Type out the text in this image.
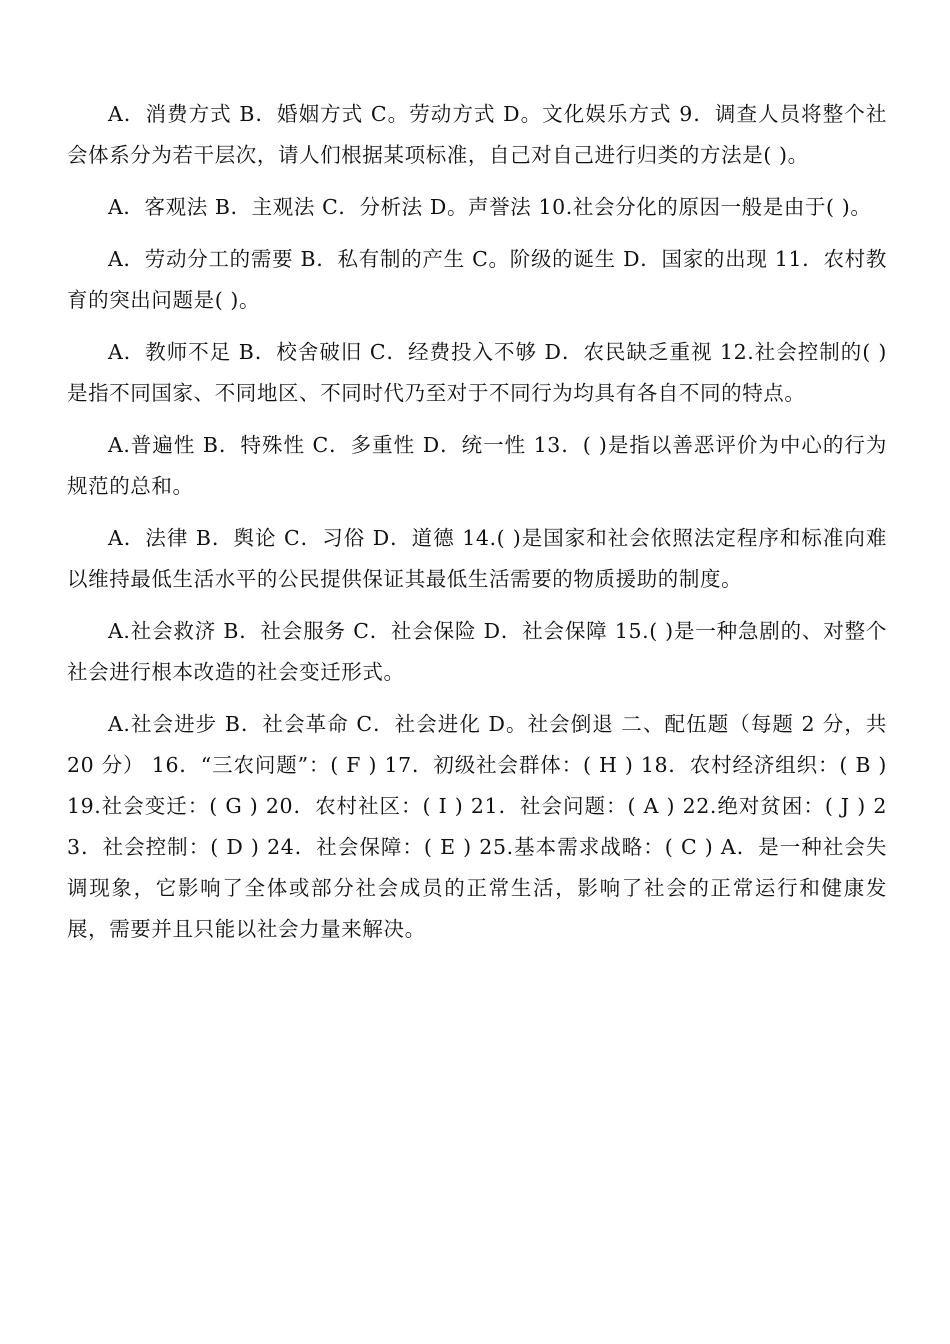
A．消费方式 B．婚姻方式 C。劳动方式 D。文化娱乐方式 9．调查人员将整个社会体系分为若干层次，请人们根据某项标准，自己对自己进行归类的方法是( )。

A．客观法 B．主观法 C．分析法 D。声誉法 10.社会分化的原因一般是由于( )。

A．劳动分工的需要 B．私有制的产生 C。阶级的诞生 D．国家的出现 11．农村教育的突出问题是( )。

A．教师不足 B．校舍破旧 C．经费投入不够 D．农民缺乏重视 12.社会控制的( )是指不同国家、不同地区、不同时代乃至对于不同行为均具有各自不同的特点。

A.普遍性 B．特殊性 C．多重性 D．统一性 13．( )是指以善恶评价为中心的行为规范的总和。

A．法律 B．舆论 C．习俗 D．道德 14.( )是国家和社会依照法定程序和标准向难以维持最低生活水平的公民提供保证其最低生活需要的物质援助的制度。

A.社会救济 B．社会服务 C．社会保险 D．社会保障 15.( )是一种急剧的、对整个社会进行根本改造的社会变迁形式。

A.社会进步 B．社会革命 C．社会进化 D。社会倒退 二、配伍题（每题 2 分，共 20 分） 16．“三农问题”：( F ) 17．初级社会群体：( H ) 18．农村经济组织：( B ) 19.社会变迁：( G ) 20．农村社区：( I ) 21．社会问题：( A ) 22.绝对贫困：( J ) 23．社会控制：( D ) 24．社会保障：( E ) 25.基本需求战略：( C ) A．是一种社会失调现象，它影响了全体或部分社会成员的正常生活，影响了社会的正常运行和健康发展，需要并且只能以社会力量来解决。
